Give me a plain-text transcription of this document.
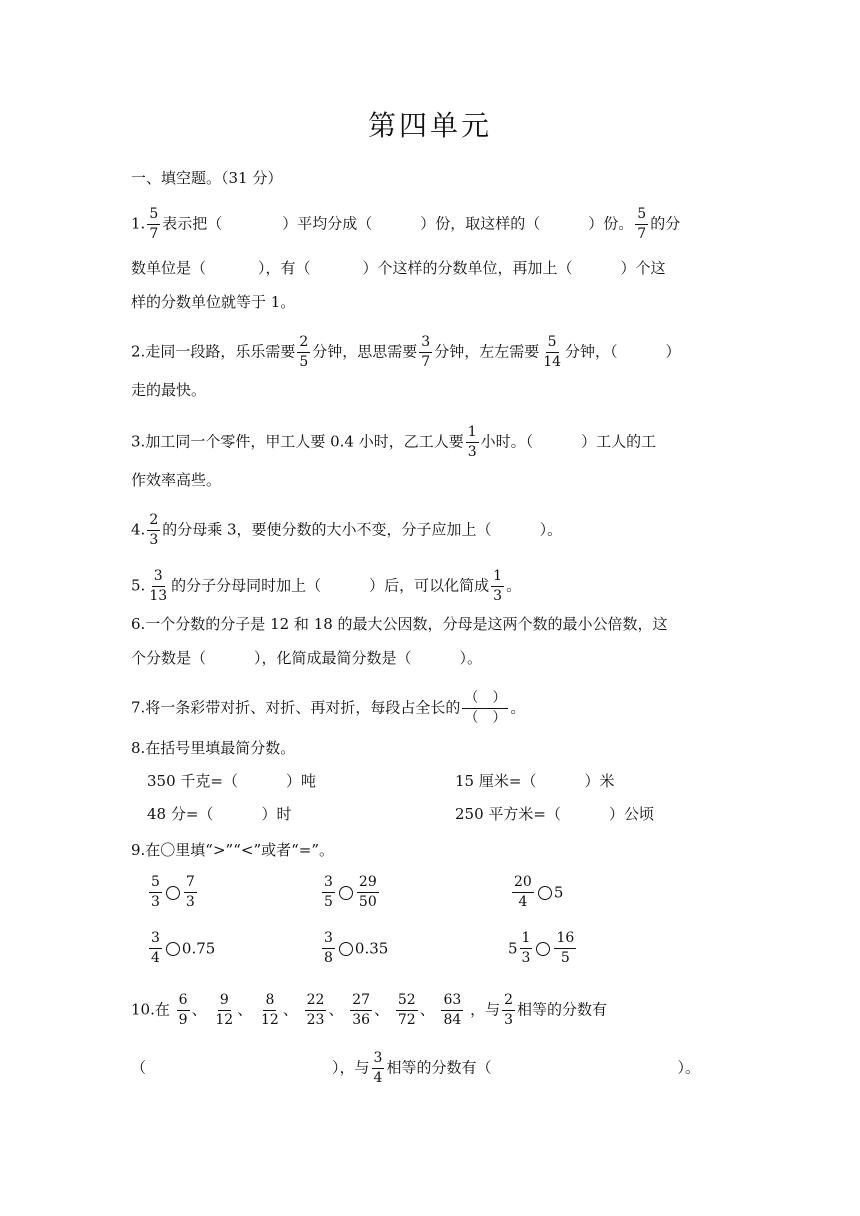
第四单元
一、填空题。（31 分）
1. $\frac{5}{7}$ 表示把（	）平均分成（	）份，取这样的（	）份。 $\frac{5}{7}$ 的分
数单位是（	），有（	）个这样的分数单位，再加上（	）个这
样的分数单位就等于 1。
2.走同一段路，乐乐需要 $\frac{2}{5}$ 分钟，思思需要 $\frac{3}{7}$ 分钟，左左需要 $\frac{5}{14}$ 分钟，（	）
走的最快。
3.加工同一个零件，甲工人要 0.4 小时，乙工人要 $\frac{1}{3}$ 小时。（	）工人的工
作效率高些。
4. $\frac{2}{3}$ 的分母乘 3，要使分数的大小不变，分子应加上（	）。
5. $\frac{3}{13}$ 的分子分母同时加上（	）后，可以化简成 $\frac{1}{3}$ 。
6.一个分数的分子是 12 和 18 的最大公因数，分母是这两个数的最小公倍数，这
个分数是（	），化简成最简分数是（	）。
7.将一条彩带对折、对折、再对折，每段占全长的 $\frac{( )}{( )}$ 。
8.在括号里填最简分数。
350 千克=（	）吨	15 厘米=（	）米
48 分=（	）时	250 平方米=（	）公顷
9.在〇里填“>”“<”或者“=”。
$\frac{5}{3} \frac{7}{3}$	$\frac{3}{5} \frac{29}{50}$	$\frac{20}{4} 5$
$\frac{3}{4} 0.75$	$\frac{3}{8} 0.35$	$5 \frac{1}{3} \frac{16}{5}$
10.在 $\frac{6}{9}$ 、 $\frac{9}{12}$ 、 $\frac{8}{12}$ 、 $\frac{22}{23}$ 、 $\frac{27}{36}$ 、 $\frac{52}{72}$ 、 $\frac{63}{84}$ ，与 $\frac{2}{3}$ 相等的分数有
（	），与 $\frac{3}{4}$ 相等的分数有（	）。
